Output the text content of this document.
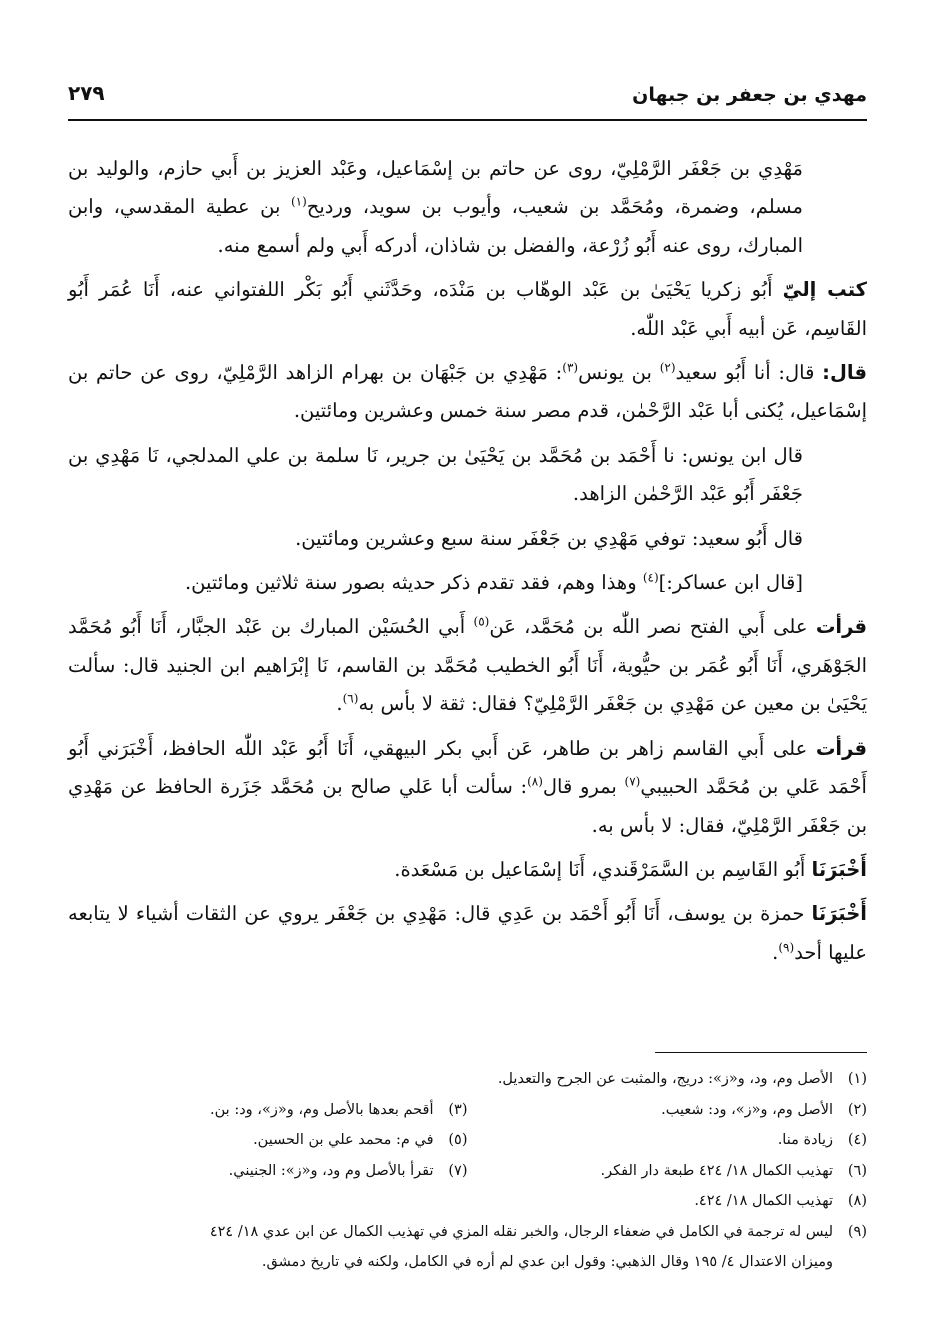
مهدي بن جعفر بن جبهان
٢٧٩

مَهْدِي بن جَعْفَر الرَّمْلِيّ، روى عن حاتم بن إسْمَاعيل، وعَبْد العزيز بن أَبي حازم، والوليد بن مسلم، وضمرة، ومُحَمَّد بن شعيب، وأيوب بن سويد، ورديح$^{(١)}$ بن عطية المقدسي، وابن المبارك، روى عنه أَبُو زُرْعة، والفضل بن شاذان، أدركه أَبي ولم أسمع منه.

كتب إليّ أَبُو زكريا يَحْيَىٰ بن عَبْد الوهّاب بن مَنْدَه، وحَدَّثَني أَبُو بَكْر اللفتواني عنه، أَنَا عُمَر أَبُو القَاسِم، عَن أبيه أَبي عَبْد اللّٰه.

قال: قال: أنا أَبُو سعيد$^{(٢)}$ بن يونس$^{(٣)}$: مَهْدِي بن جَبْهَان بن بهرام الزاهد الرَّمْلِيّ، روى عن حاتم بن إسْمَاعيل، يُكنى أبا عَبْد الرَّحْمٰن، قدم مصر سنة خمس وعشرين ومائتين.

قال ابن يونس: نا أَحْمَد بن مُحَمَّد بن يَحْيَىٰ بن جرير، نَا سلمة بن علي المدلجي، نَا مَهْدِي بن جَعْفَر أَبُو عَبْد الرَّحْمٰن الزاهد.

قال أَبُو سعيد: توفي مَهْدِي بن جَعْفَر سنة سبع وعشرين ومائتين.

[قال ابن عساكر:]$^{(٤)}$ وهذا وهم، فقد تقدم ذكر حديثه بصور سنة ثلاثين ومائتين.

قرأت على أَبي الفتح نصر اللّٰه بن مُحَمَّد، عَن$^{(٥)}$ أَبي الحُسَيْن المبارك بن عَبْد الجبَّار، أَنَا أَبُو مُحَمَّد الجَوْهَري، أَنَا أَبُو عُمَر بن حيُّوية، أَنَا أَبُو الخطيب مُحَمَّد بن القاسم، نَا إبْرَاهيم ابن الجنيد قال: سألت يَحْيَىٰ بن معين عن مَهْدِي بن جَعْفَر الرَّمْلِيّ؟ فقال: ثقة لا بأس به$^{(٦)}$.

قرأت على أَبي القاسم زاهر بن طاهر، عَن أَبي بكر البيهقي، أَنَا أَبُو عَبْد اللّٰه الحافظ، أَخْبَرَني أَبُو أَحْمَد عَلي بن مُحَمَّد الحبيبي$^{(٧)}$ بمرو قال$^{(٨)}$: سألت أبا عَلي صالح بن مُحَمَّد جَزَرة الحافظ عن مَهْدِي بن جَعْفَر الرَّمْلِيّ، فقال: لا بأس به.

أَخْبَرَنَا أَبُو القَاسِم بن السَّمَرْقَندي، أَنَا إسْمَاعيل بن مَسْعَدة.

أَخْبَرَنَا حمزة بن يوسف، أَنَا أَبُو أَحْمَد بن عَدِي قال: مَهْدِي بن جَعْفَر يروي عن الثقات أشياء لا يتابعه عليها أحد$^{(٩)}$.

(١)
الأصل وم، ود، و«ز»: دريج، والمثبت عن الجرح والتعديل.
(٢)
الأصل وم، و«ز»، ود: شعيب.
(٣)
أقحم بعدها بالأصل وم، و«ز»، ود: بن.
(٤)
زيادة منا.
(٥)
في م: محمد علي بن الحسين.
(٦)
تهذيب الكمال ١٨/ ٤٢٤ طبعة دار الفكر.
(٧)
تقرأ بالأصل وم ود، و«ز»: الجنيني.
(٨)
تهذيب الكمال ١٨/ ٤٢٤.
(٩)
ليس له ترجمة في الكامل في ضعفاء الرجال، والخبر نقله المزي في تهذيب الكمال عن ابن عدي ١٨/ ٤٢٤
وميزان الاعتدال ٤/ ١٩٥ وقال الذهبي: وقول ابن عدي لم أره في الكامل، ولكنه في تاريخ دمشق.
